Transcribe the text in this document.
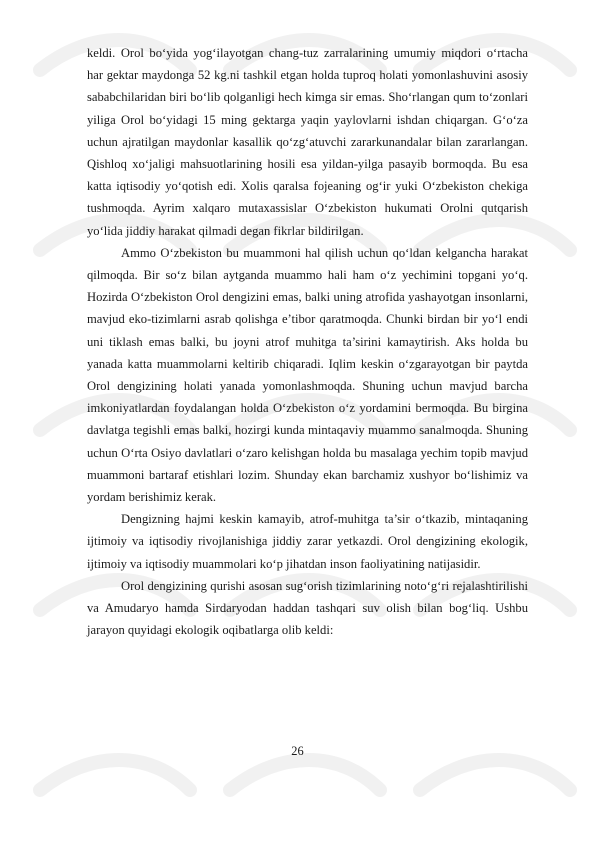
keldi. Orol bo‘yida yog‘ilayotgan chang-tuz zarralarining umumiy miqdori o‘rtacha har gektar maydonga 52 kg.ni tashkil etgan holda tuproq holati yomonlashuvini asosiy sababchilaridan biri bo‘lib qolganligi hech kimga sir emas. Sho‘rlangan qum to‘zonlari yiliga Orol bo‘yidagi 15 ming gektarga yaqin yaylovlarni ishdan chiqargan. G‘o‘za uchun ajratilgan maydonlar kasallik qo‘zg‘atuvchi zararkunandalar bilan zararlangan. Qishloq xo‘jaligi mahsuotlarining hosili esa yildan-yilga pasayib bormoqda. Bu esa katta iqtisodiy yo‘qotish edi. Xolis qaralsa fojeaning og‘ir yuki O‘zbekiston chekiga tushmoqda. Ayrim xalqaro mutaxassislar O‘zbekiston hukumati Orolni qutqarish yo‘lida jiddiy harakat qilmadi degan fikrlar bildirilgan.

Ammo O‘zbekiston bu muammoni hal qilish uchun qo‘ldan kelgancha harakat qilmoqda. Bir so‘z bilan aytganda muammo hali ham o‘z yechimini topgani yo‘q. Hozirda O‘zbekiston Orol dengizini emas, balki uning atrofida yashayotgan insonlarni, mavjud eko-tizimlarni asrab qolishga e’tibor qaratmoqda. Chunki birdan bir yo‘l endi uni tiklash emas balki, bu joyni atrof muhitga ta’sirini kamaytirish. Aks holda bu yanada katta muammolarni keltirib chiqaradi. Iqlim keskin o‘zgarayotgan bir paytda Orol dengizining holati yanada yomonlashmoqda. Shuning uchun mavjud barcha imkoniyatlardan foydalangan holda O‘zbekiston o‘z yordamini bermoqda. Bu birgina davlatga tegishli emas balki, hozirgi kunda mintaqaviy muammo sanalmoqda. Shuning uchun O‘rta Osiyo davlatlari o‘zaro kelishgan holda bu masalaga yechim topib mavjud muammoni bartaraf etishlari lozim. Shunday ekan barchamiz xushyor bo‘lishimiz va yordam berishimiz kerak.

Dengizning hajmi keskin kamayib, atrof-muhitga ta’sir o‘tkazib, mintaqaning ijtimoiy va iqtisodiy rivojlanishiga jiddiy zarar yetkazdi. Orol dengizining ekologik, ijtimoiy va iqtisodiy muammolari ko‘p jihatdan inson faoliyatining natijasidir.

Orol dengizining qurishi asosan sug‘orish tizimlarining noto‘g‘ri rejalashtirilishi va Amudaryo hamda Sirdaryodan haddan tashqari suv olish bilan bog‘liq. Ushbu jarayon quyidagi ekologik oqibatlarga olib keldi:

26
